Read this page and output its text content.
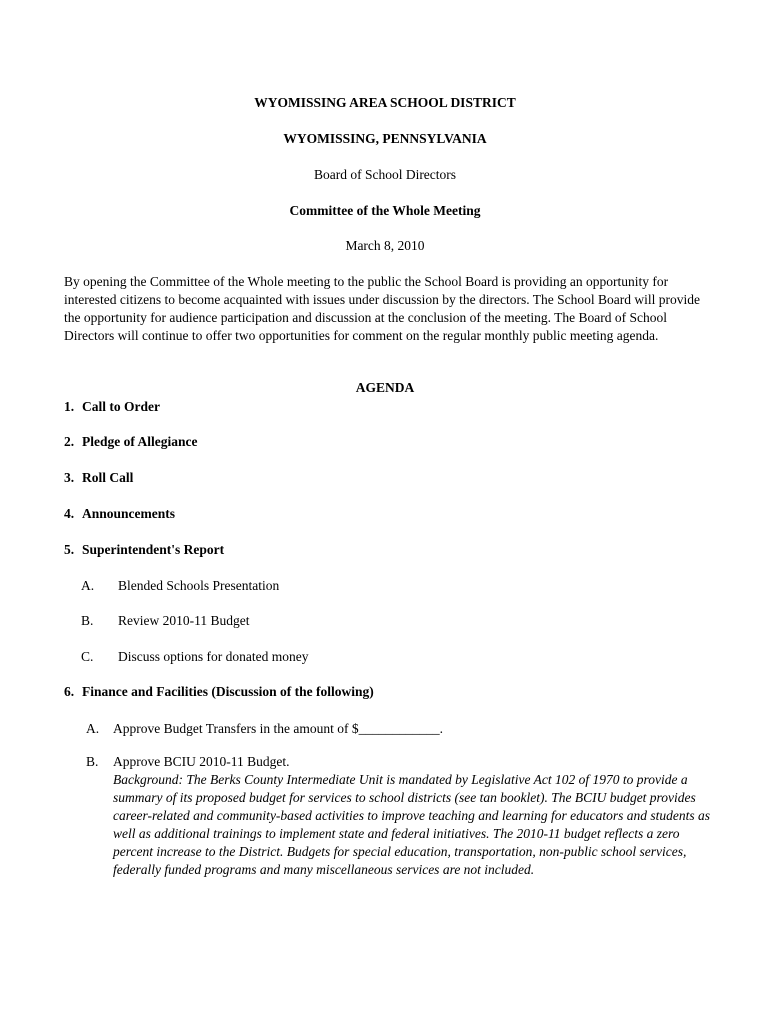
WYOMISSING AREA SCHOOL DISTRICT
WYOMISSING, PENNSYLVANIA
Board of School Directors
Committee of the Whole Meeting
March 8, 2010

By opening the Committee of the Whole meeting to the public the School Board is providing an opportunity for interested citizens to become acquainted with issues under discussion by the directors. The School Board will provide the opportunity for audience participation and discussion at the conclusion of the meeting. The Board of School Directors will continue to offer two opportunities for comment on the regular monthly public meeting agenda.

AGENDA
1. Call to Order
2. Pledge of Allegiance
3. Roll Call
4. Announcements
5. Superintendent's Report
A. Blended Schools Presentation
B. Review 2010-11 Budget
C. Discuss options for donated money
6. Finance and Facilities (Discussion of the following)
A. Approve Budget Transfers in the amount of $____________.
B. Approve BCIU 2010-11 Budget.

Background: The Berks County Intermediate Unit is mandated by Legislative Act 102 of 1970 to provide a summary of its proposed budget for services to school districts (see tan booklet). The BCIU budget provides career-related and community-based activities to improve teaching and learning for educators and students as well as additional trainings to implement state and federal initiatives. The 2010-11 budget reflects a zero percent increase to the District. Budgets for special education, transportation, non-public school services, federally funded programs and many miscellaneous services are not included.
